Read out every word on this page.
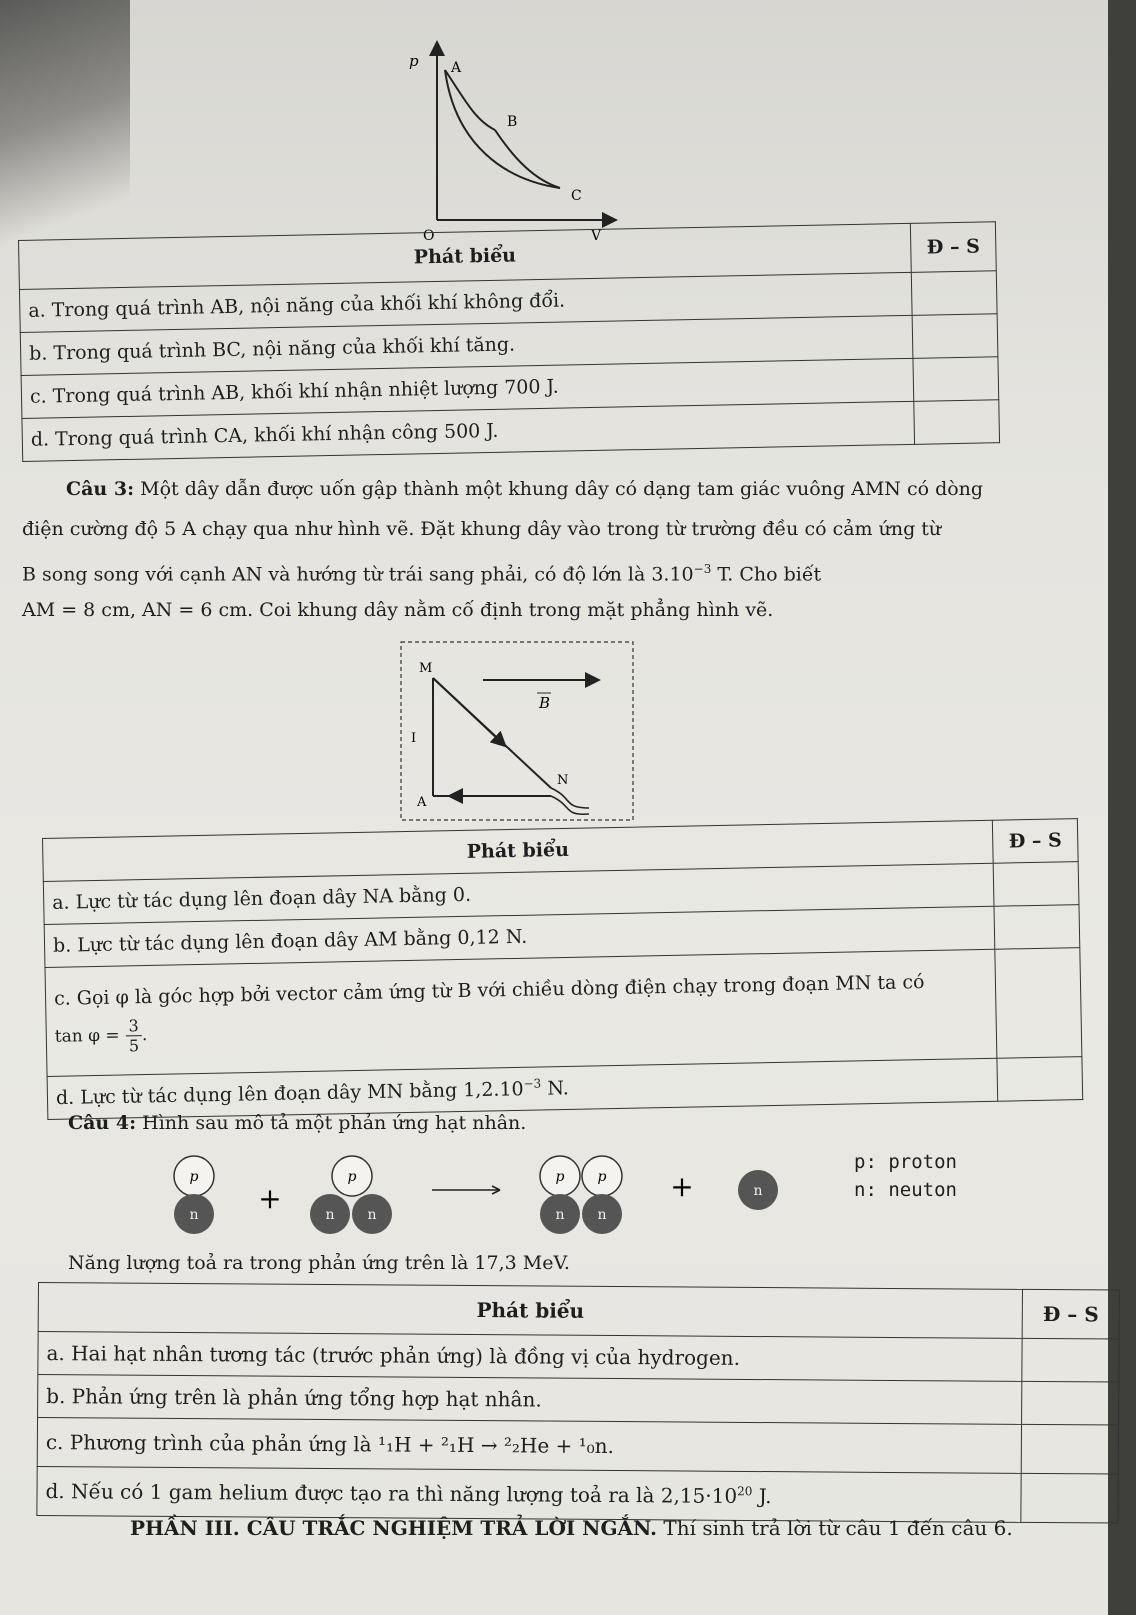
p
V
O
A
B
C
Phát biểu	Đ – S
a. Trong quá trình AB, nội năng của khối khí không đổi.	
b. Trong quá trình BC, nội năng của khối khí tăng.	
c. Trong quá trình AB, khối khí nhận nhiệt lượng 700 J.	
d. Trong quá trình CA, khối khí nhận công 500 J.	
Câu 3: Một dây dẫn được uốn gập thành một khung dây có dạng tam giác vuông AMN có dòng
điện cường độ 5 A chạy qua như hình vẽ. Đặt khung dây vào trong từ trường đều có cảm ứng từ
B song song với cạnh AN và hướng từ trái sang phải, có độ lớn là $3.10^{-3}$ T. Cho biết
AM = 8 cm, AN = 6 cm. Coi khung dây nằm cố định trong mặt phẳng hình vẽ.
M
N
A
I
B
Phát biểu	Đ – S
a. Lực từ tác dụng lên đoạn dây NA bằng 0.	
b. Lực từ tác dụng lên đoạn dây AM bằng 0,12 N.	

c. Gọi φ là góc hợp bởi vector cảm ứng từ B với chiều dòng điện chạy trong đoạn MN ta có
$\tan \varphi = \frac{3}{5}$ .	

d. Lực từ tác dụng lên đoạn dây MN bằng $1,2.10^{-3}$ N.	
Câu 4: Hình sau mô tả một phản ứng hạt nhân.
p
n +
p
n n
p p
n n
+	n
p: proton
n: neuton
Năng lượng toả ra trong phản ứng trên là 17,3 MeV.
Phát biểu	Đ – S
a. Hai hạt nhân tương tác (trước phản ứng) là đồng vị của hydrogen.	
b. Phản ứng trên là phản ứng tổng hợp hạt nhân.	
c. Phương trình của phản ứng là ¹₁H + ²₁H → ²₂He + ¹₀n.	
d. Nếu có 1 gam helium được tạo ra thì năng lượng toả ra là $2,15\cdot 10^{20}$ J.	
PHẦN III. CÂU TRẮC NGHIỆM TRẢ LỜI NGẮN. Thí sinh trả lời từ câu 1 đến câu 6.
